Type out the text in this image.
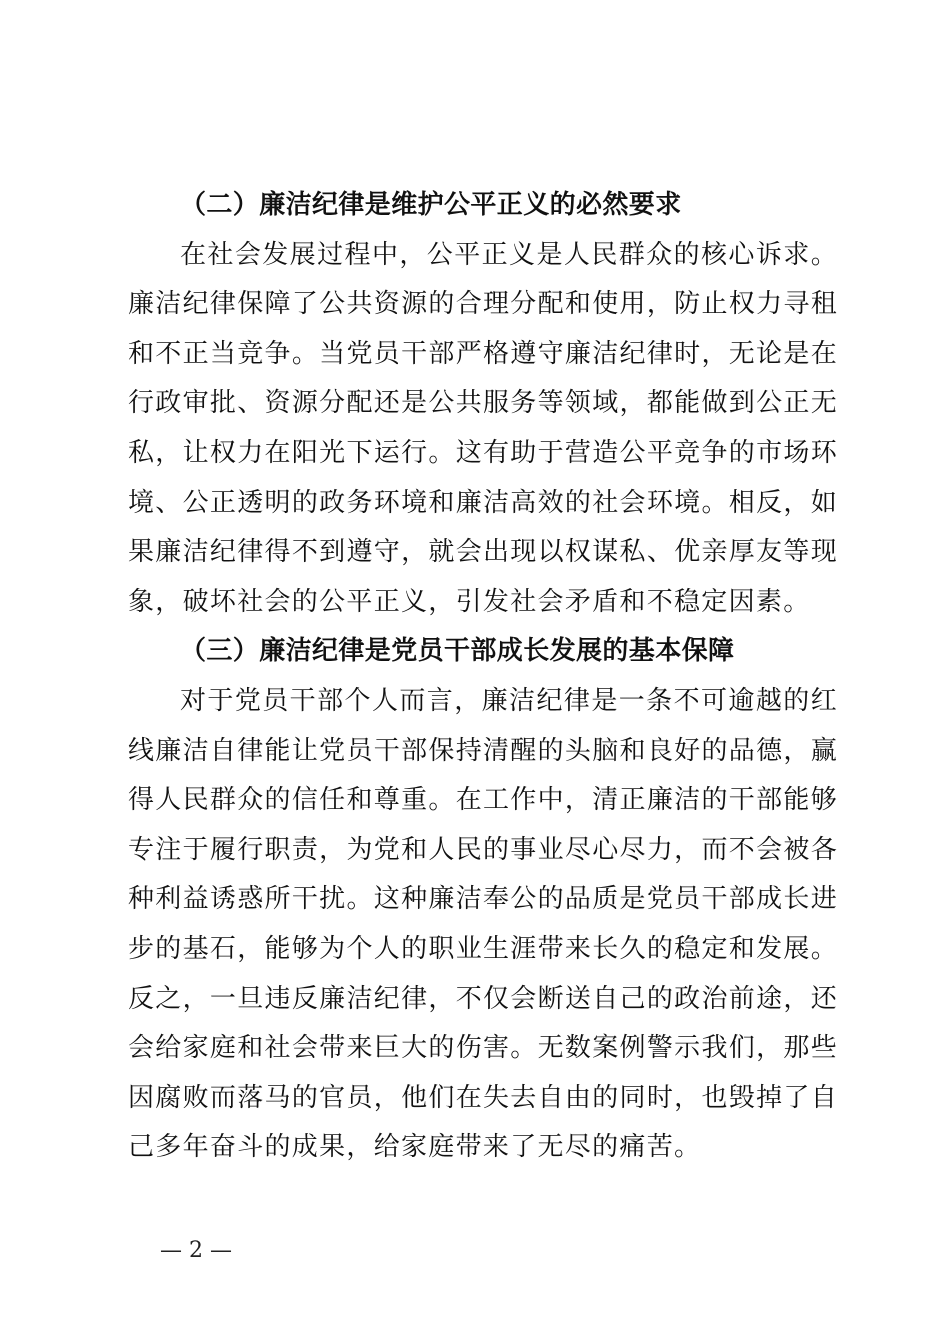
（二）廉洁纪律是维护公平正义的必然要求

在社会发展过程中，公平正义是人民群众的核心诉求。廉洁纪律保障了公共资源的合理分配和使用，防止权力寻租和不正当竞争。当党员干部严格遵守廉洁纪律时，无论是在行政审批、资源分配还是公共服务等领域，都能做到公正无私，让权力在阳光下运行。这有助于营造公平竞争的市场环境、公正透明的政务环境和廉洁高效的社会环境。相反，如果廉洁纪律得不到遵守，就会出现以权谋私、优亲厚友等现象，破坏社会的公平正义，引发社会矛盾和不稳定因素。

（三）廉洁纪律是党员干部成长发展的基本保障

对于党员干部个人而言，廉洁纪律是一条不可逾越的红线廉洁自律能让党员干部保持清醒的头脑和良好的品德，赢得人民群众的信任和尊重。在工作中，清正廉洁的干部能够专注于履行职责，为党和人民的事业尽心尽力，而不会被各种利益诱惑所干扰。这种廉洁奉公的品质是党员干部成长进步的基石，能够为个人的职业生涯带来长久的稳定和发展。反之，一旦违反廉洁纪律，不仅会断送自己的政治前途，还会给家庭和社会带来巨大的伤害。无数案例警示我们，那些因腐败而落马的官员，他们在失去自由的同时，也毁掉了自己多年奋斗的成果，给家庭带来了无尽的痛苦。

— 2 —
